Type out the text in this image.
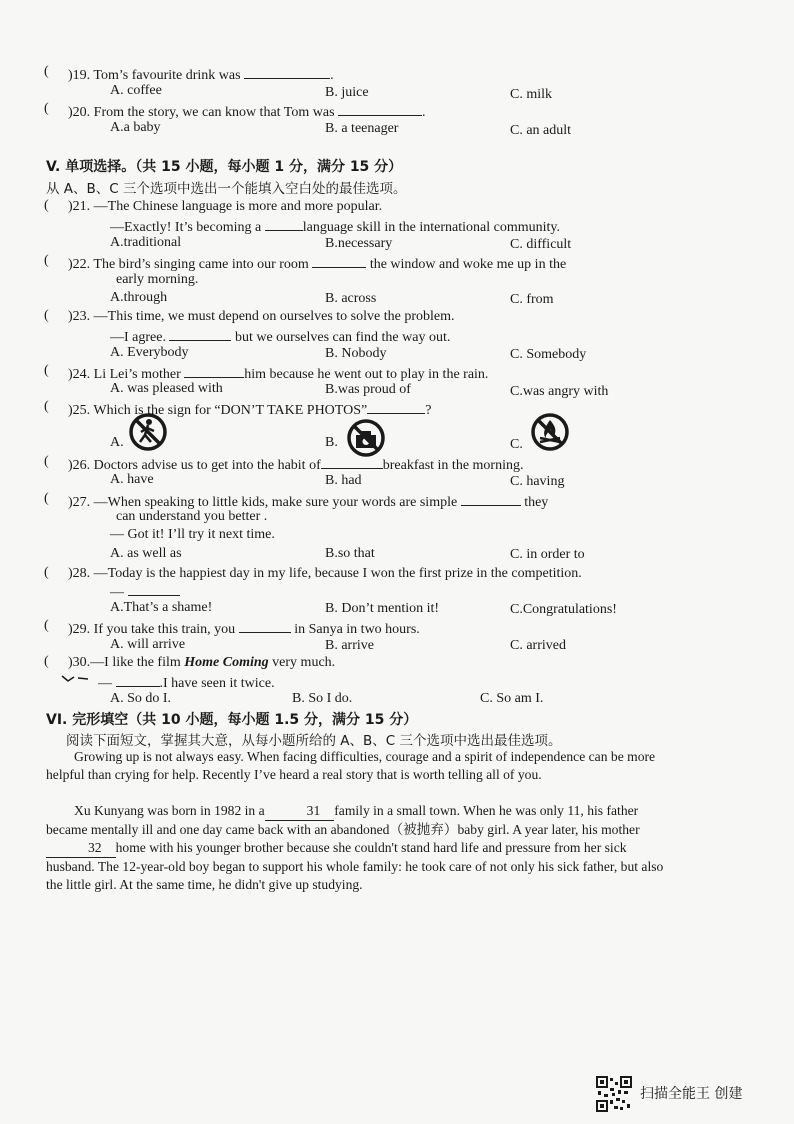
( )19. Tom’s favourite drink was	.
A. coffee	B. juice	C. milk
( )20. From the story, we can know that Tom was	.
A.a baby	B. a teenager	C. an adult
V. 单项选择。（共 15 小题，每小题 1 分，满分 15 分）
从 A、B、C 三个选项中选出一个能填入空白处的最佳选项。
( )21. —The Chinese language is more and more popular.
—Exactly! It’s becoming a	language skill in the international community.
A.traditional	B.necessary	C. difficult
( )22. The bird’s singing came into our room	the window and woke me up in the
early morning.
A.through	B. across	C. from
( )23. —This time, we must depend on ourselves to solve the problem.
—I agree.	but we ourselves can find the way out.
A. Everybody	B. Nobody	C. Somebody
( )24. Li Lei’s mother	him because he went out to play in the rain.
A. was pleased with	B.was proud of	C.was angry with
( )25. Which is the sign for “DON’T TAKE PHOTOS”	?
A.	B.	C.
( )26. Doctors advise us to get into the habit of	breakfast in the morning.
A. have	B. had	C. having
( )27. —When speaking to little kids, make sure your words are simple	they
can understand you better .
— Got it! I’ll try it next time.
A. as well as	B.so that	C. in order to
( )28. —Today is the happiest day in my life, because I won the first prize in the competition.
—
A.That’s a shame!	B. Don’t mention it!	C.Congratulations!
( )29. If you take this train, you	in Sanya in two hours.
A. will arrive	B. arrive	C. arrived
( )30.—I like the film Home Coming very much.
—	.I have seen it twice.
A. So do I.	B. So I do.	C. So am I.
VI. 完形填空（共 10 小题，每小题 1.5 分，满分 15 分）
阅读下面短文，掌握其大意，从每小题所给的 A、B、C 三个选项中选出最佳选项。
Growing up is not always easy. When facing difficulties, courage and a spirit of independence can be more helpful than crying for help. Recently I’ve heard a real story that is worth telling all of you.
Xu Kunyang was born in 1982 in a	31 family in a small town. When he was only 11, his father became mentally ill and one day came back with an abandoned（被抛弃）baby girl. A year later, his mother32 home with his younger brother because she couldn't stand hard life and pressure from her sick husband. The 12-year-old boy began to support his whole family: he took care of not only his sick father, but also the little girl. At the same time, he didn't give up studying.
扫描全能王 创建
